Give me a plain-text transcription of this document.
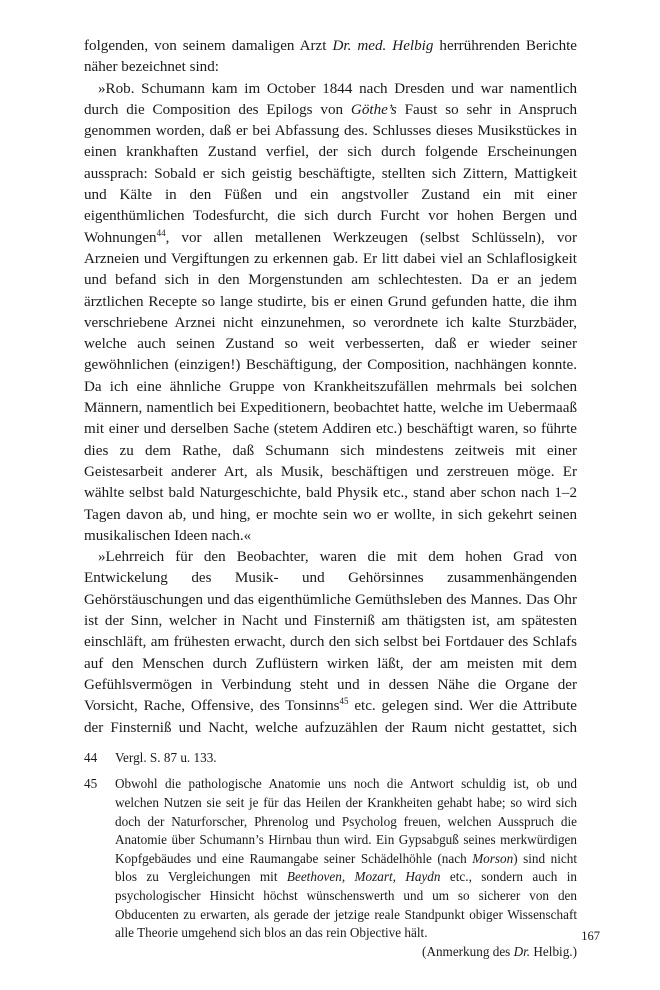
folgenden, von seinem damaligen Arzt Dr. med. Helbig herrührenden Berichte näher bezeichnet sind:

»Rob. Schumann kam im October 1844 nach Dresden und war namentlich durch die Composition des Epilogs von Göthe’s Faust so sehr in Anspruch genommen worden, daß er bei Abfassung des. Schlusses dieses Musikstückes in einen krankhaften Zustand verfiel, der sich durch folgende Erscheinungen aussprach: Sobald er sich geistig beschäftigte, stellten sich Zittern, Mattigkeit und Kälte in den Füßen und ein angstvoller Zustand ein mit einer eigenthümlichen Todesfurcht, die sich durch Furcht vor hohen Bergen und Wohnungen$^{44}$, vor allen metallenen Werkzeugen (selbst Schlüsseln), vor Arzneien und Vergiftungen zu erkennen gab. Er litt dabei viel an Schlaflosigkeit und befand sich in den Morgenstunden am schlechtesten. Da er an jedem ärztlichen Recepte so lange studirte, bis er einen Grund gefunden hatte, die ihm verschriebene Arznei nicht einzunehmen, so verordnete ich kalte Sturzbäder, welche auch seinen Zustand so weit verbesserten, daß er wieder seiner gewöhnlichen (einzigen!) Beschäftigung, der Composition, nachhängen konnte. Da ich eine ähnliche Gruppe von Krankheitszufällen mehrmals bei solchen Männern, namentlich bei Expeditionern, beobachtet hatte, welche im Uebermaaß mit einer und derselben Sache (stetem Addiren etc.) beschäftigt waren, so führte dies zu dem Rathe, daß Schumann sich mindestens zeitweis mit einer Geistesarbeit anderer Art, als Musik, beschäftigen und zerstreuen möge. Er wählte selbst bald Naturgeschichte, bald Physik etc., stand aber schon nach 1–2 Tagen davon ab, und hing, er mochte sein wo er wollte, in sich gekehrt seinen musikalischen Ideen nach.«

»Lehrreich für den Beobachter, waren die mit dem hohen Grad von Entwickelung des Musik- und Gehörsinnes zusammenhängenden Gehörstäuschungen und das eigenthümliche Gemüthsleben des Mannes. Das Ohr ist der Sinn, welcher in Nacht und Finsterniß am thätigsten ist, am spätesten einschläft, am frühesten erwacht, durch den sich selbst bei Fortdauer des Schlafs auf den Menschen durch Zuflüstern wirken läßt, der am meisten mit dem Gefühlsvermögen in Verbindung steht und in dessen Nähe die Organe der Vorsicht, Rache, Offensive, des Tonsinns$^{45}$ etc. gelegen sind. Wer die Attribute der Finsterniß und Nacht, welche aufzuzählen der Raum nicht gestattet, sich

44	Vergl. S. 87 u. 133.
45	Obwohl die pathologische Anatomie uns noch die Antwort schuldig ist, ob und welchen Nutzen sie seit je für das Heilen der Krankheiten gehabt habe; so wird sich doch der Naturforscher, Phrenolog und Psycholog freuen, welchen Ausspruch die Anatomie über Schumann’s Hirnbau thun wird. Ein Gypsabguß seines merkwürdigen Kopfgebäudes und eine Raumangabe seiner Schädelhöhle (nach Morson) sind nicht blos zu Vergleichungen mit Beethoven, Mozart, Haydn etc., sondern auch in psychologischer Hinsicht höchst wünschenswerth und um so sicherer von den Obducenten zu erwarten, als gerade der jetzige reale Standpunkt obiger Wissenschaft alle Theorie umgehend sich blos an das rein Objective hält.
(Anmerkung des Dr. Helbig.)
167
